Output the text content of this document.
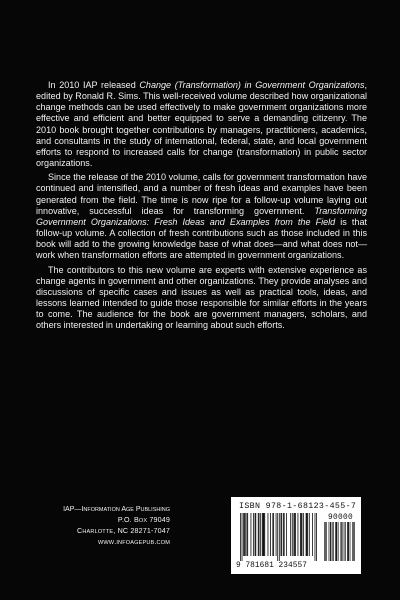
In 2010 IAP released Change (Transformation) in Government Organizations, edited by Ronald R. Sims. This well-received volume described how organizational change methods can be used effectively to make government organizations more effective and efficient and better equipped to serve a demanding citizenry. The 2010 book brought together contributions by managers, practitioners, academics, and consultants in the study of international, federal, state, and local government efforts to respond to increased calls for change (transformation) in public sector organizations.

Since the release of the 2010 volume, calls for government transformation have continued and intensified, and a number of fresh ideas and examples have been generated from the field. The time is now ripe for a follow-up volume laying out innovative, successful ideas for transforming government. Transforming Government Organizations: Fresh Ideas and Examples from the Field is that follow-up volume. A collection of fresh contributions such as those included in this book will add to the growing knowledge base of what does—and what does not—work when transformation efforts are attempted in government organizations.

The contributors to this new volume are experts with extensive experience as change agents in government and other organizations. They provide analyses and discussions of specific cases and issues as well as practical tools, ideas, and lessons learned intended to guide those responsible for similar efforts in the years to come. The audience for the book are government managers, scholars, and others interested in undertaking or learning about such efforts.

IAP—INFORMATION AGE PUBLISHING
P.O. BOX 79049
CHARLOTTE, NC 28271-7047
WWW.INFOAGEPUB.COM
ISBN 978-1-68123-455-7
90000
9 781681 234557
